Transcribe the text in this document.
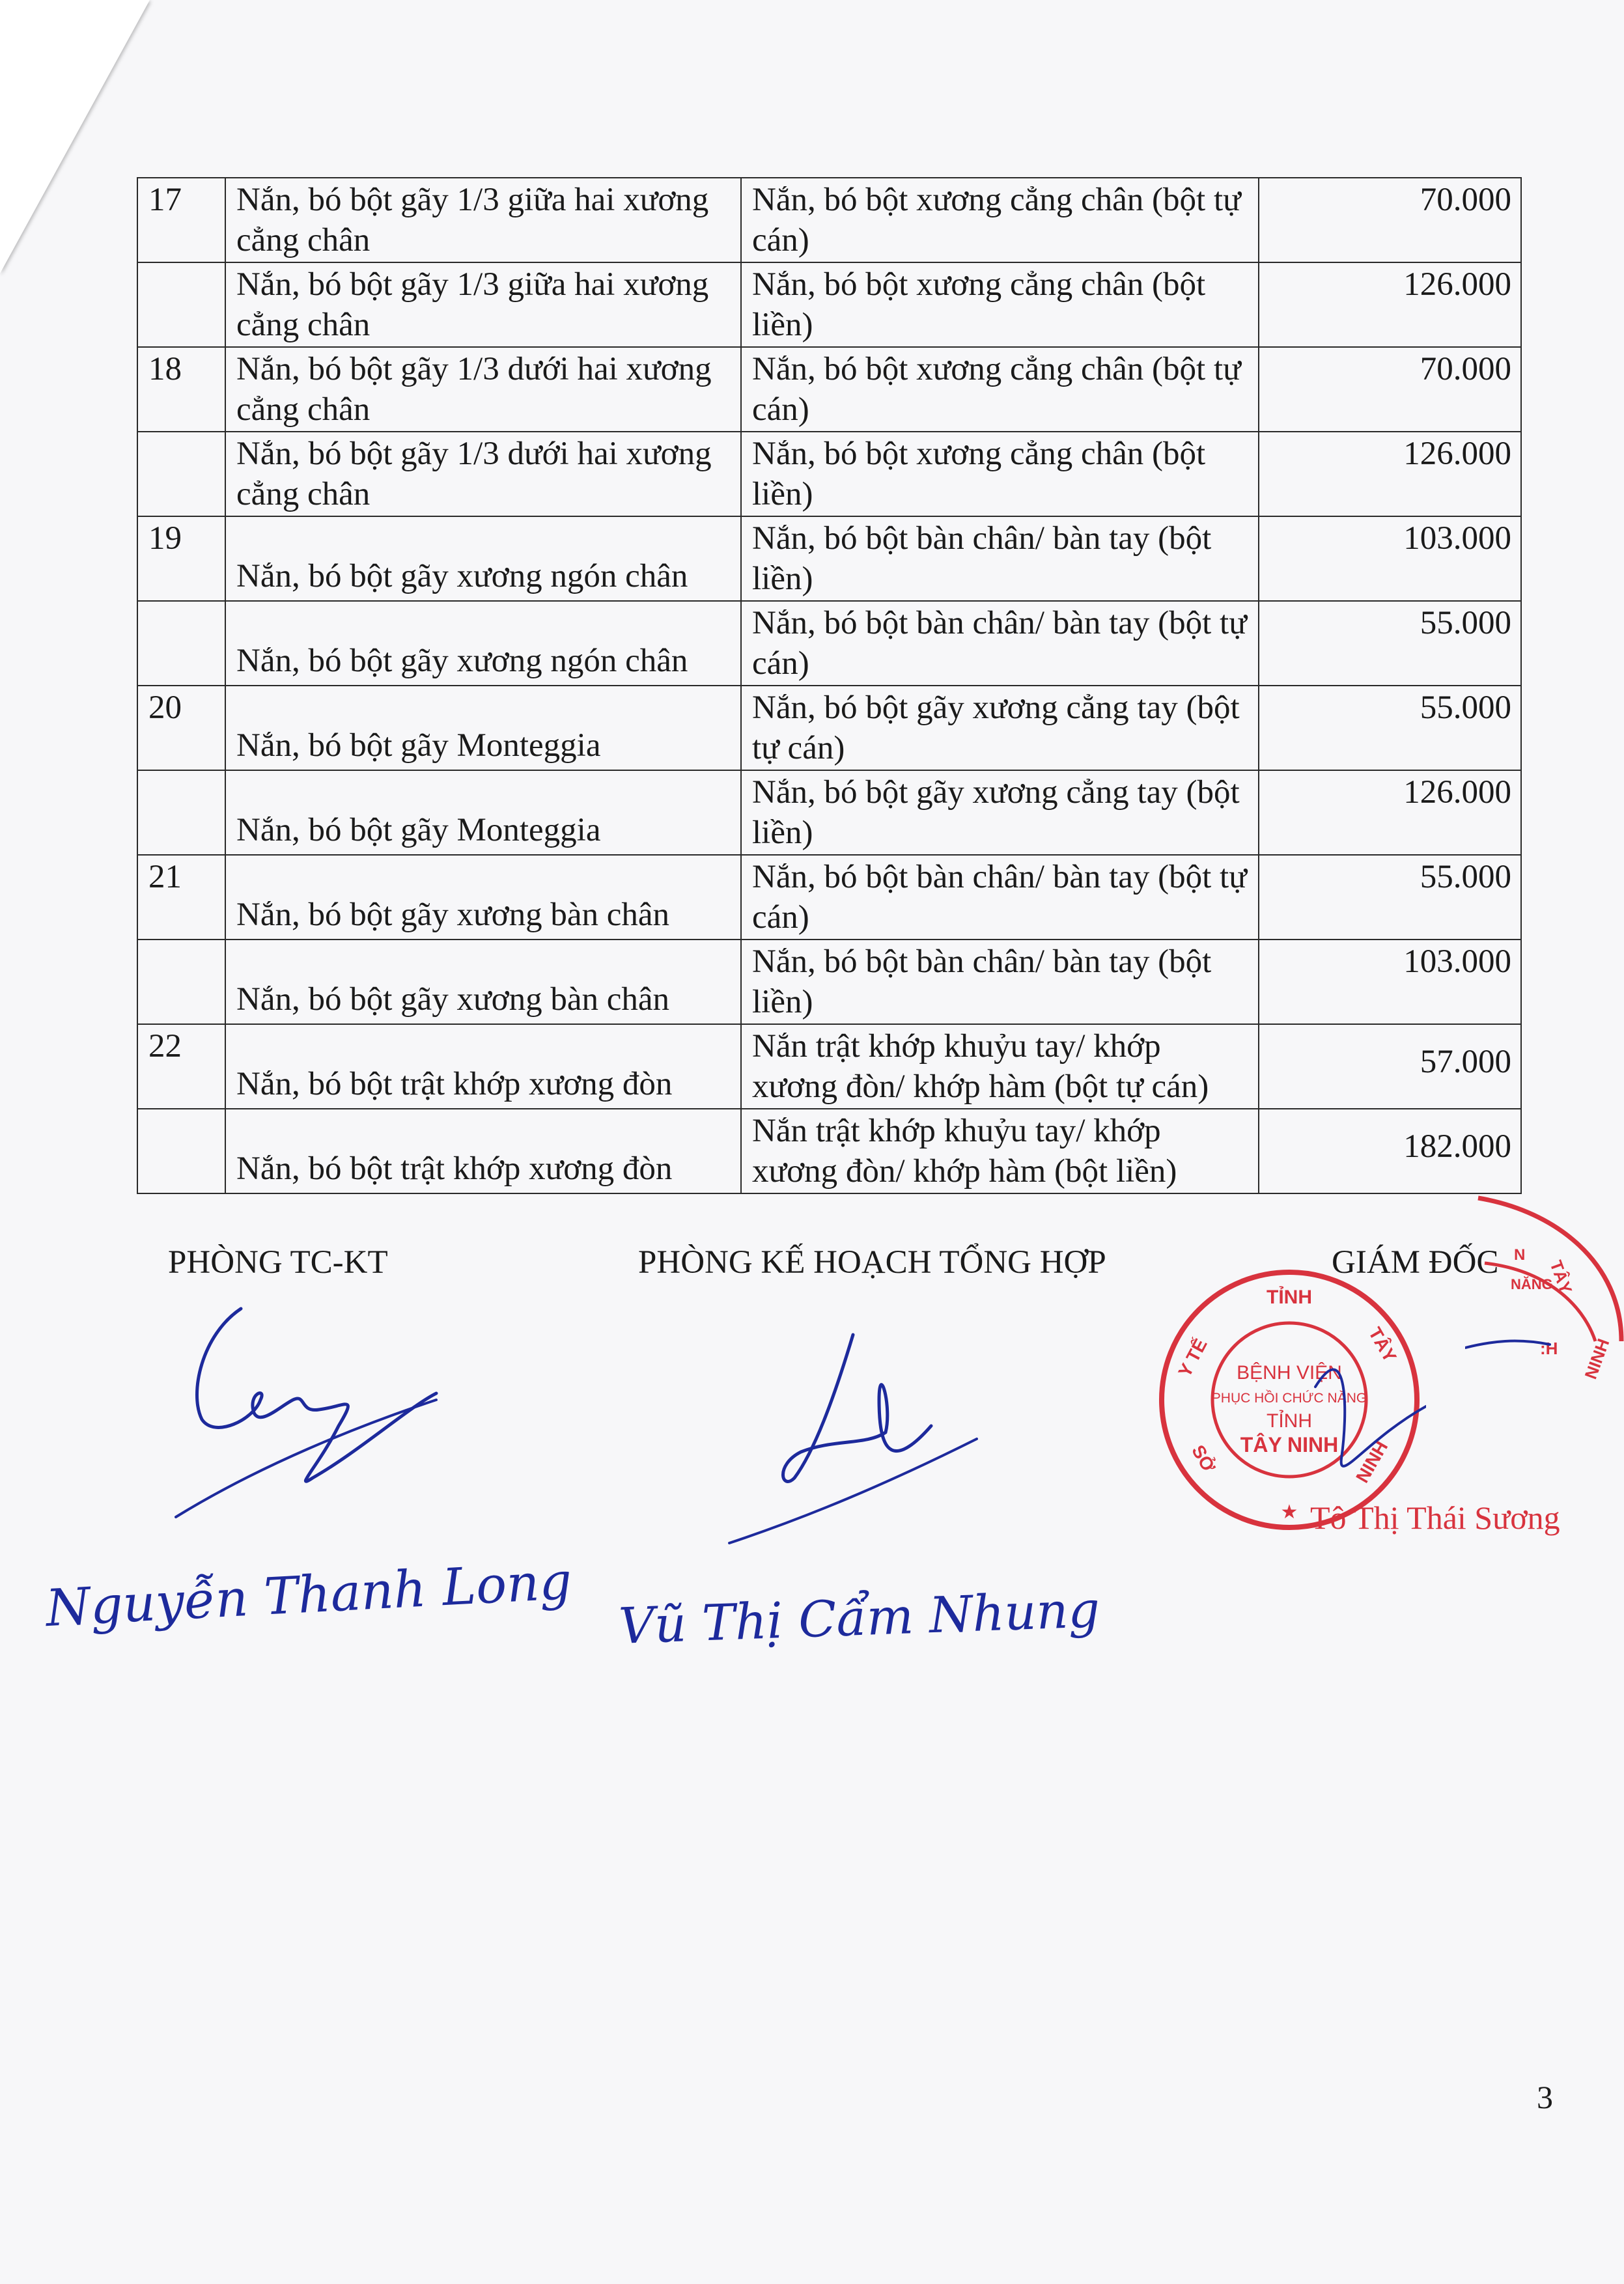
17	Nắn, bó bột gãy 1/3 giữa hai xương cẳng chân	Nắn, bó bột xương cẳng chân (bột tự cán)	70.000
	Nắn, bó bột gãy 1/3 giữa hai xương cẳng chân	Nắn, bó bột xương cẳng chân (bột liền)	126.000
18	Nắn, bó bột gãy 1/3 dưới hai xương cẳng chân	Nắn, bó bột xương cẳng chân (bột tự cán)	70.000
	Nắn, bó bột gãy 1/3 dưới hai xương cẳng chân	Nắn, bó bột xương cẳng chân (bột liền)	126.000
19	Nắn, bó bột gãy xương ngón chân	Nắn, bó bột bàn chân/ bàn tay (bột liền)	103.000
	Nắn, bó bột gãy xương ngón chân	Nắn, bó bột bàn chân/ bàn tay (bột tự cán)	55.000
20	Nắn, bó bột gãy Monteggia	Nắn, bó bột gãy xương cẳng tay (bột tự cán)	55.000
	Nắn, bó bột gãy Monteggia	Nắn, bó bột gãy xương cẳng tay (bột liền)	126.000
21	Nắn, bó bột gãy xương bàn chân	Nắn, bó bột bàn chân/ bàn tay (bột tự cán)	55.000
	Nắn, bó bột gãy xương bàn chân	Nắn, bó bột bàn chân/ bàn tay (bột liền)	103.000
22	Nắn, bó bột trật khớp xương đòn	Nắn trật khớp khuỷu tay/ khớp xương đòn/ khớp hàm (bột tự cán)	57.000
	Nắn, bó bột trật khớp xương đòn	Nắn trật khớp khuỷu tay/ khớp xương đòn/ khớp hàm (bột liền)	182.000
PHÒNG TC-KT	PHÒNG KẾ HOẠCH TỔNG HỢP	GIÁM ĐỐC
Nguyễn Thanh Long Vũ Thị Cẩm Nhung
TỈNH
Y TẾ	TÂY
SỞ	NINH
BỆNH VIỆN
PHỤC HỒI CHỨC NĂNG
TỈNH
TÂY NINH
★
TÂY
N
NĂNG
:H NINH
Tô Thị Thái Sương
3
